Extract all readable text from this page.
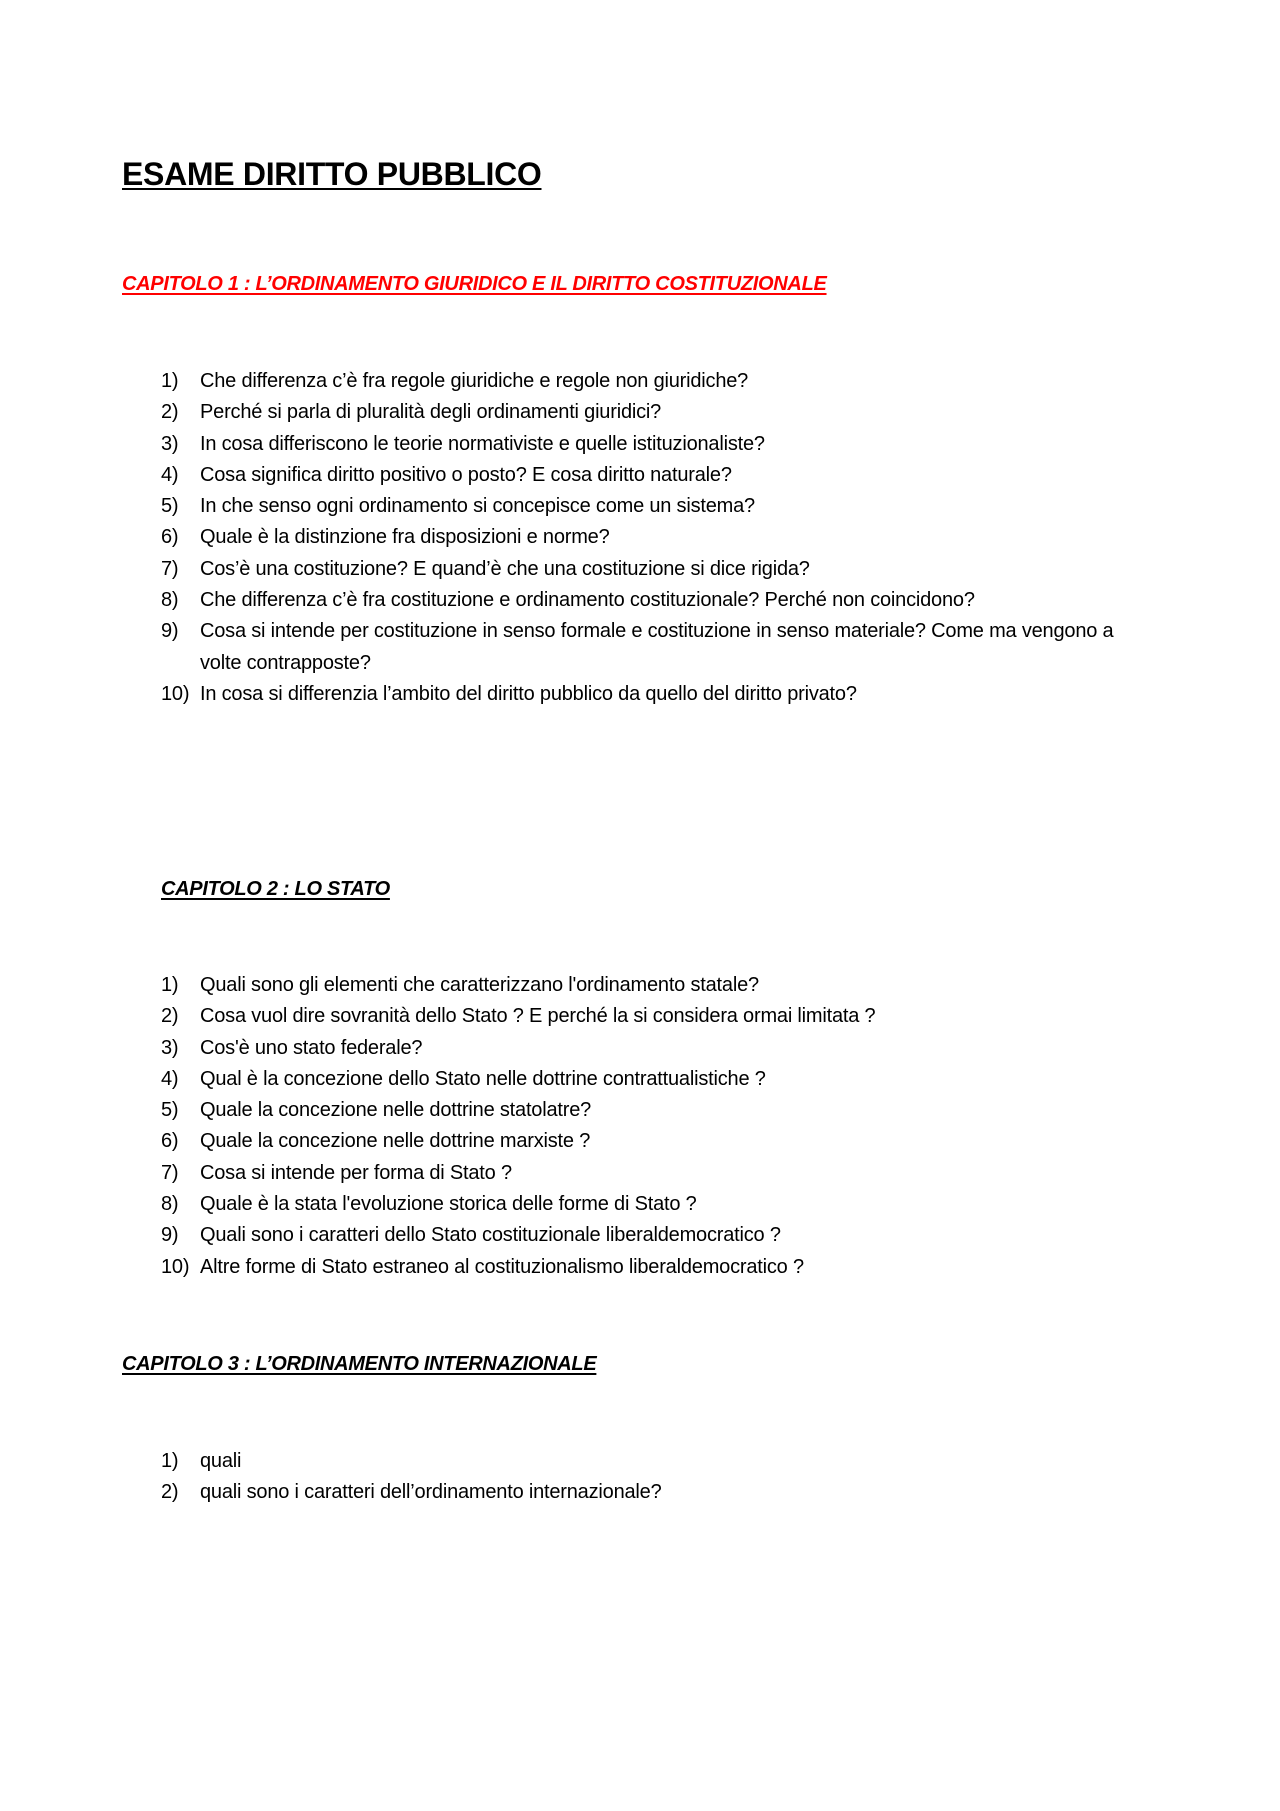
ESAME DIRITTO PUBBLICO
CAPITOLO 1 : L’ORDINAMENTO GIURIDICO E IL DIRITTO COSTITUZIONALE
1) Che differenza c’è fra regole giuridiche e regole non giuridiche?
2) Perché si parla di pluralità degli ordinamenti giuridici?
3) In cosa differiscono le teorie normativiste e quelle istituzionaliste?
4) Cosa significa diritto positivo o posto? E cosa diritto naturale?
5) In che senso ogni ordinamento si concepisce come un sistema?
6) Quale è la distinzione fra disposizioni e norme?
7) Cos’è una costituzione? E quand’è che una costituzione si dice rigida?
8) Che differenza c’è fra costituzione e ordinamento costituzionale? Perché non coincidono?
9) Cosa si intende per costituzione in senso formale e costituzione in senso materiale? Come ma vengono a volte contrapposte?
10) In cosa si differenzia l’ambito del diritto pubblico da quello del diritto privato?
CAPITOLO 2 : LO STATO
1) Quali sono gli elementi che caratterizzano l'ordinamento statale?
2) Cosa vuol dire sovranità dello Stato ? E perché la si considera ormai limitata ?
3) Cos'è uno stato federale?
4) Qual è la concezione dello Stato nelle dottrine contrattualistiche ?
5) Quale la concezione nelle dottrine statolatre?
6) Quale la concezione nelle dottrine marxiste ?
7) Cosa si intende per forma di Stato ?
8) Quale è la stata l'evoluzione storica delle forme di Stato ?
9) Quali sono i caratteri dello Stato costituzionale liberaldemocratico ?
10) Altre forme di Stato estraneo al costituzionalismo liberaldemocratico ?
CAPITOLO 3 : L’ORDINAMENTO INTERNAZIONALE
1) quali
2) quali sono i caratteri dell’ordinamento internazionale?
